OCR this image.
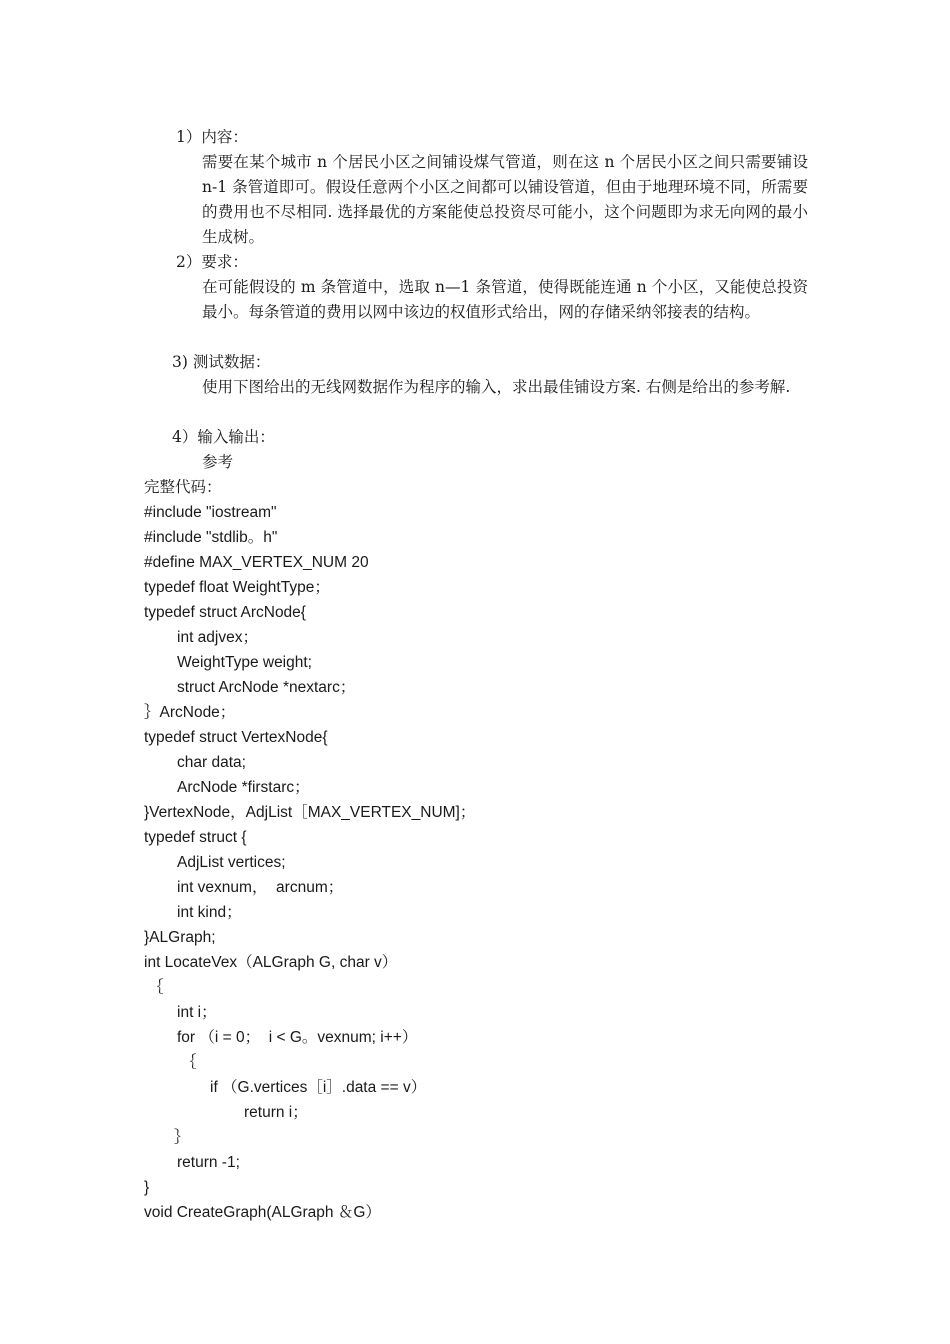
1）内容：
需要在某个城市 n 个居民小区之间铺设煤气管道，则在这 n 个居民小区之间只需要铺设 n-1 条管道即可。假设任意两个小区之间都可以铺设管道，但由于地理环境不同，所需要的费用也不尽相同. 选择最优的方案能使总投资尽可能小，这个问题即为求无向网的最小生成树。
2）要求：
在可能假设的 m 条管道中，选取 n—1 条管道，使得既能连通 n 个小区，又能使总投资最小。每条管道的费用以网中该边的权值形式给出，网的存储采纳邻接表的结构。
3) 测试数据：
使用下图给出的无线网数据作为程序的输入，求出最佳铺设方案. 右侧是给出的参考解.
4）输入输出：
参考
完整代码：
#include "iostream"
#include "stdlib。h"
#define MAX_VERTEX_NUM 20
typedef float WeightType；
typedef struct ArcNode{
int adjvex；
WeightType weight;
struct ArcNode *nextarc；
｝ArcNode；
typedef struct VertexNode{
char data;
ArcNode *firstarc；
}VertexNode，AdjList［MAX_VERTEX_NUM]；
typedef struct {
AdjList vertices;
int vexnum，  arcnum；
int kind；
}ALGraph;
int LocateVex（ALGraph G, char v）
｛
int i；
for （i = 0；  i < G。vexnum; i++）
｛
if （G.vertices［i］.data == v）
return i；
｝
return -1;
}
void CreateGraph(ALGraph ＆G）
